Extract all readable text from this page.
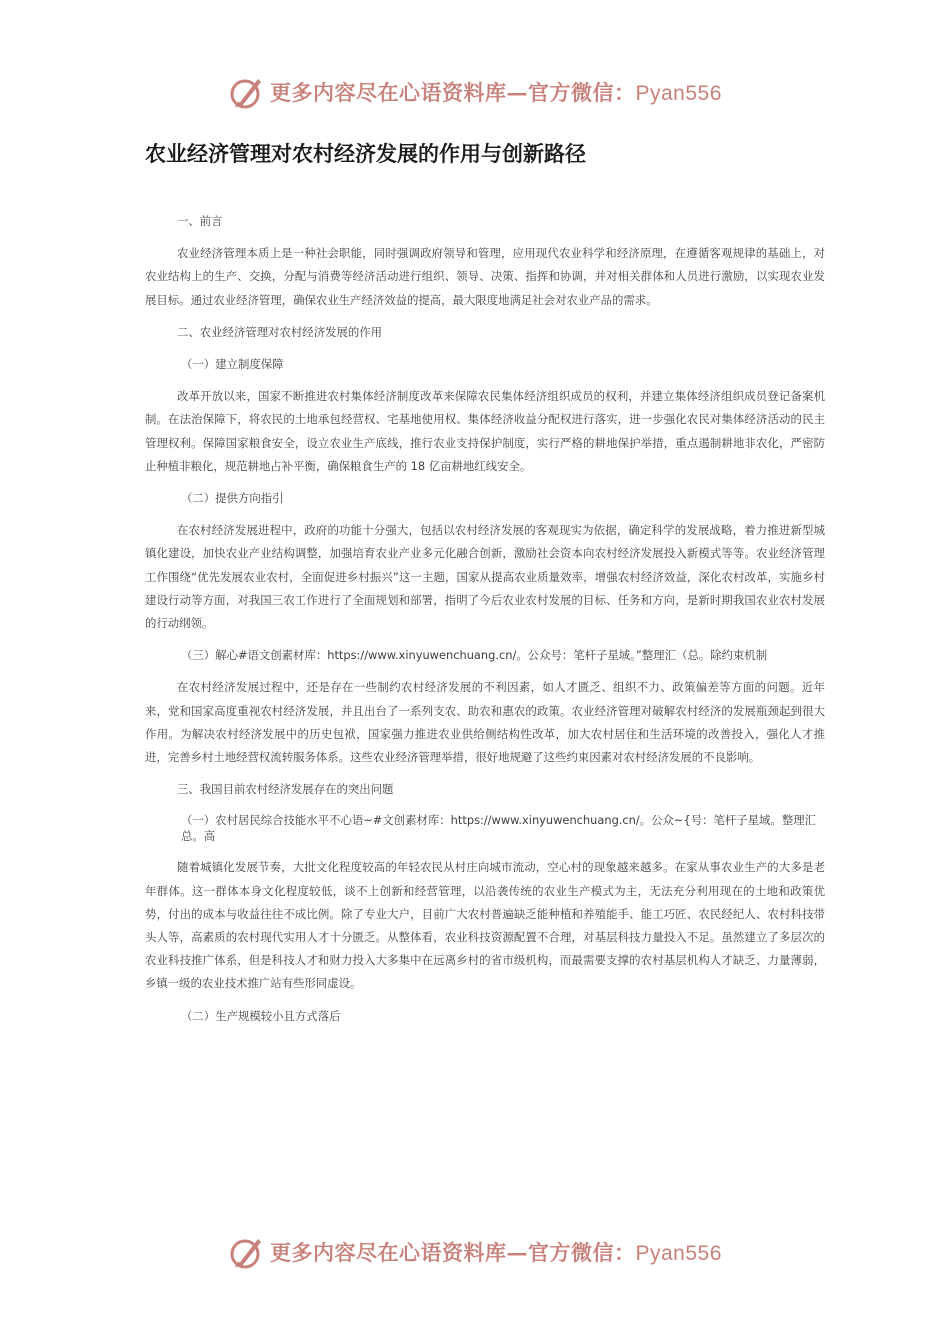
更多内容尽在心语资料库—官方微信：Pyan556
农业经济管理对农村经济发展的作用与创新路径

一、前言

农业经济管理本质上是一种社会职能，同时强调政府领导和管理，应用现代农业科学和经济原理，在遵循客观规律的基础上，对农业结构上的生产、交换，分配与消费等经济活动进行组织、领导、决策、指挥和协调，并对相关群体和人员进行激励，以实现农业发展目标。通过农业经济管理，确保农业生产经济效益的提高，最大限度地满足社会对农业产品的需求。

二、农业经济管理对农村经济发展的作用

（一）建立制度保障

改革开放以来，国家不断推进农村集体经济制度改革来保障农民集体经济组织成员的权利，并建立集体经济组织成员登记备案机制。在法治保障下，将农民的土地承包经营权、宅基地使用权、集体经济收益分配权进行落实，进一步强化农民对集体经济活动的民主管理权利。保障国家粮食安全，设立农业生产底线，推行农业支持保护制度，实行严格的耕地保护举措，重点遏制耕地非农化，严密防止种植非粮化，规范耕地占补平衡，确保粮食生产的 18 亿亩耕地红线安全。

（二）提供方向指引

在农村经济发展进程中，政府的功能十分强大，包括以农村经济发展的客观现实为依据，确定科学的发展战略，着力推进新型城镇化建设，加快农业产业结构调整，加强培育农业产业多元化融合创新，激励社会资本向农村经济发展投入新模式等等。农业经济管理工作围绕“优先发展农业农村，全面促进乡村振兴”这一主题，国家从提高农业质量效率，增强农村经济效益，深化农村改革，实施乡村建设行动等方面，对我国三农工作进行了全面规划和部署，指明了今后农业农村发展的目标、任务和方向，是新时期我国农业农村发展的行动纲领。

（三）解心#语文创素材库：https://www.xinyuwenchuang.cn/。公众号：笔杆子星域。”整理汇（总。除约束机制

在农村经济发展过程中，还是存在一些制约农村经济发展的不利因素，如人才匮乏、组织不力、政策偏差等方面的问题。近年来，党和国家高度重视农村经济发展，并且出台了一系列支农、助农和惠农的政策。农业经济管理对破解农村经济的发展瓶颈起到很大作用。为解决农村经济发展中的历史包袱，国家强力推进农业供给侧结构性改革，加大农村居住和生活环境的改善投入，强化人才推进，完善乡村土地经营权流转服务体系。这些农业经济管理举措，很好地规避了这些约束因素对农村经济发展的不良影响。

三、我国目前农村经济发展存在的突出问题

（一）农村居民综合技能水平不心语~#文创素材库：https://www.xinyuwenchuang.cn/。公众~{号：笔杆子星域。整理汇总。高

随着城镇化发展节奏，大批文化程度较高的年轻农民从村庄向城市流动，空心村的现象越来越多。在家从事农业生产的大多是老年群体。这一群体本身文化程度较低，谈不上创新和经营管理，以沿袭传统的农业生产模式为主，无法充分利用现在的土地和政策优势，付出的成本与收益往往不成比例。除了专业大户，目前广大农村普遍缺乏能种植和养殖能手、能工巧匠、农民经纪人、农村科技带头人等，高素质的农村现代实用人才十分匮乏。从整体看，农业科技资源配置不合理，对基层科技力量投入不足。虽然建立了多层次的农业科技推广体系，但是科技人才和财力投入大多集中在远离乡村的省市级机构，而最需要支撑的农村基层机构人才缺乏、力量薄弱，乡镇一级的农业技术推广站有些形同虚设。

（二）生产规模较小且方式落后

更多内容尽在心语资料库—官方微信：Pyan556
